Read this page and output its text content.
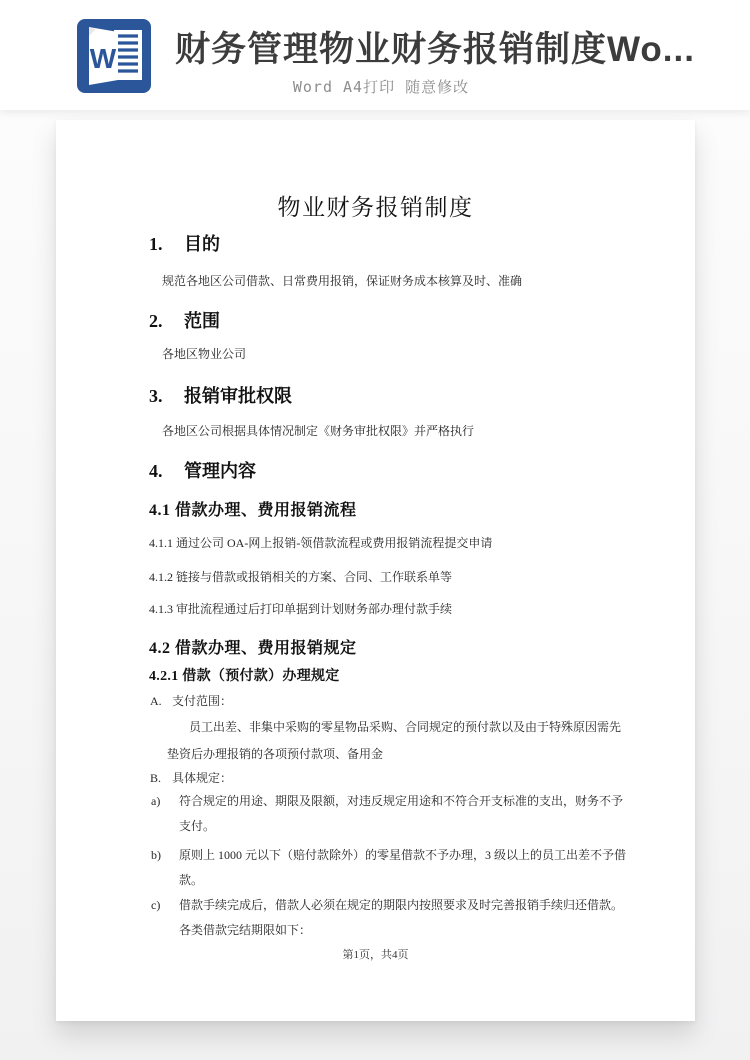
W 财务管理物业财务报销制度Wo...
Word A4打印 随意修改
物业财务报销制度
1. 目的
规范各地区公司借款、日常费用报销，保证财务成本核算及时、准确
2. 范围
各地区物业公司
3. 报销审批权限
各地区公司根据具体情况制定《财务审批权限》并严格执行
4. 管理内容
4.1 借款办理、费用报销流程
4.1.1 通过公司 OA-网上报销-领借款流程或费用报销流程提交申请
4.1.2 链接与借款或报销相关的方案、合同、工作联系单等
4.1.3 审批流程通过后打印单据到计划财务部办理付款手续
4.2 借款办理、费用报销规定
4.2.1 借款（预付款）办理规定
A. 支付范围：
员工出差、非集中采购的零星物品采购、合同规定的预付款以及由于特殊原因需先
垫资后办理报销的各项预付款项、备用金
B. 具体规定：
a) 符合规定的用途、期限及限额，对违反规定用途和不符合开支标准的支出，财务不予
支付。
b) 原则上 1000 元以下（赔付款除外）的零星借款不予办理，3 级以上的员工出差不予借
款。
c) 借款手续完成后，借款人必须在规定的期限内按照要求及时完善报销手续归还借款。
各类借款完结期限如下：
第1页，共4页
